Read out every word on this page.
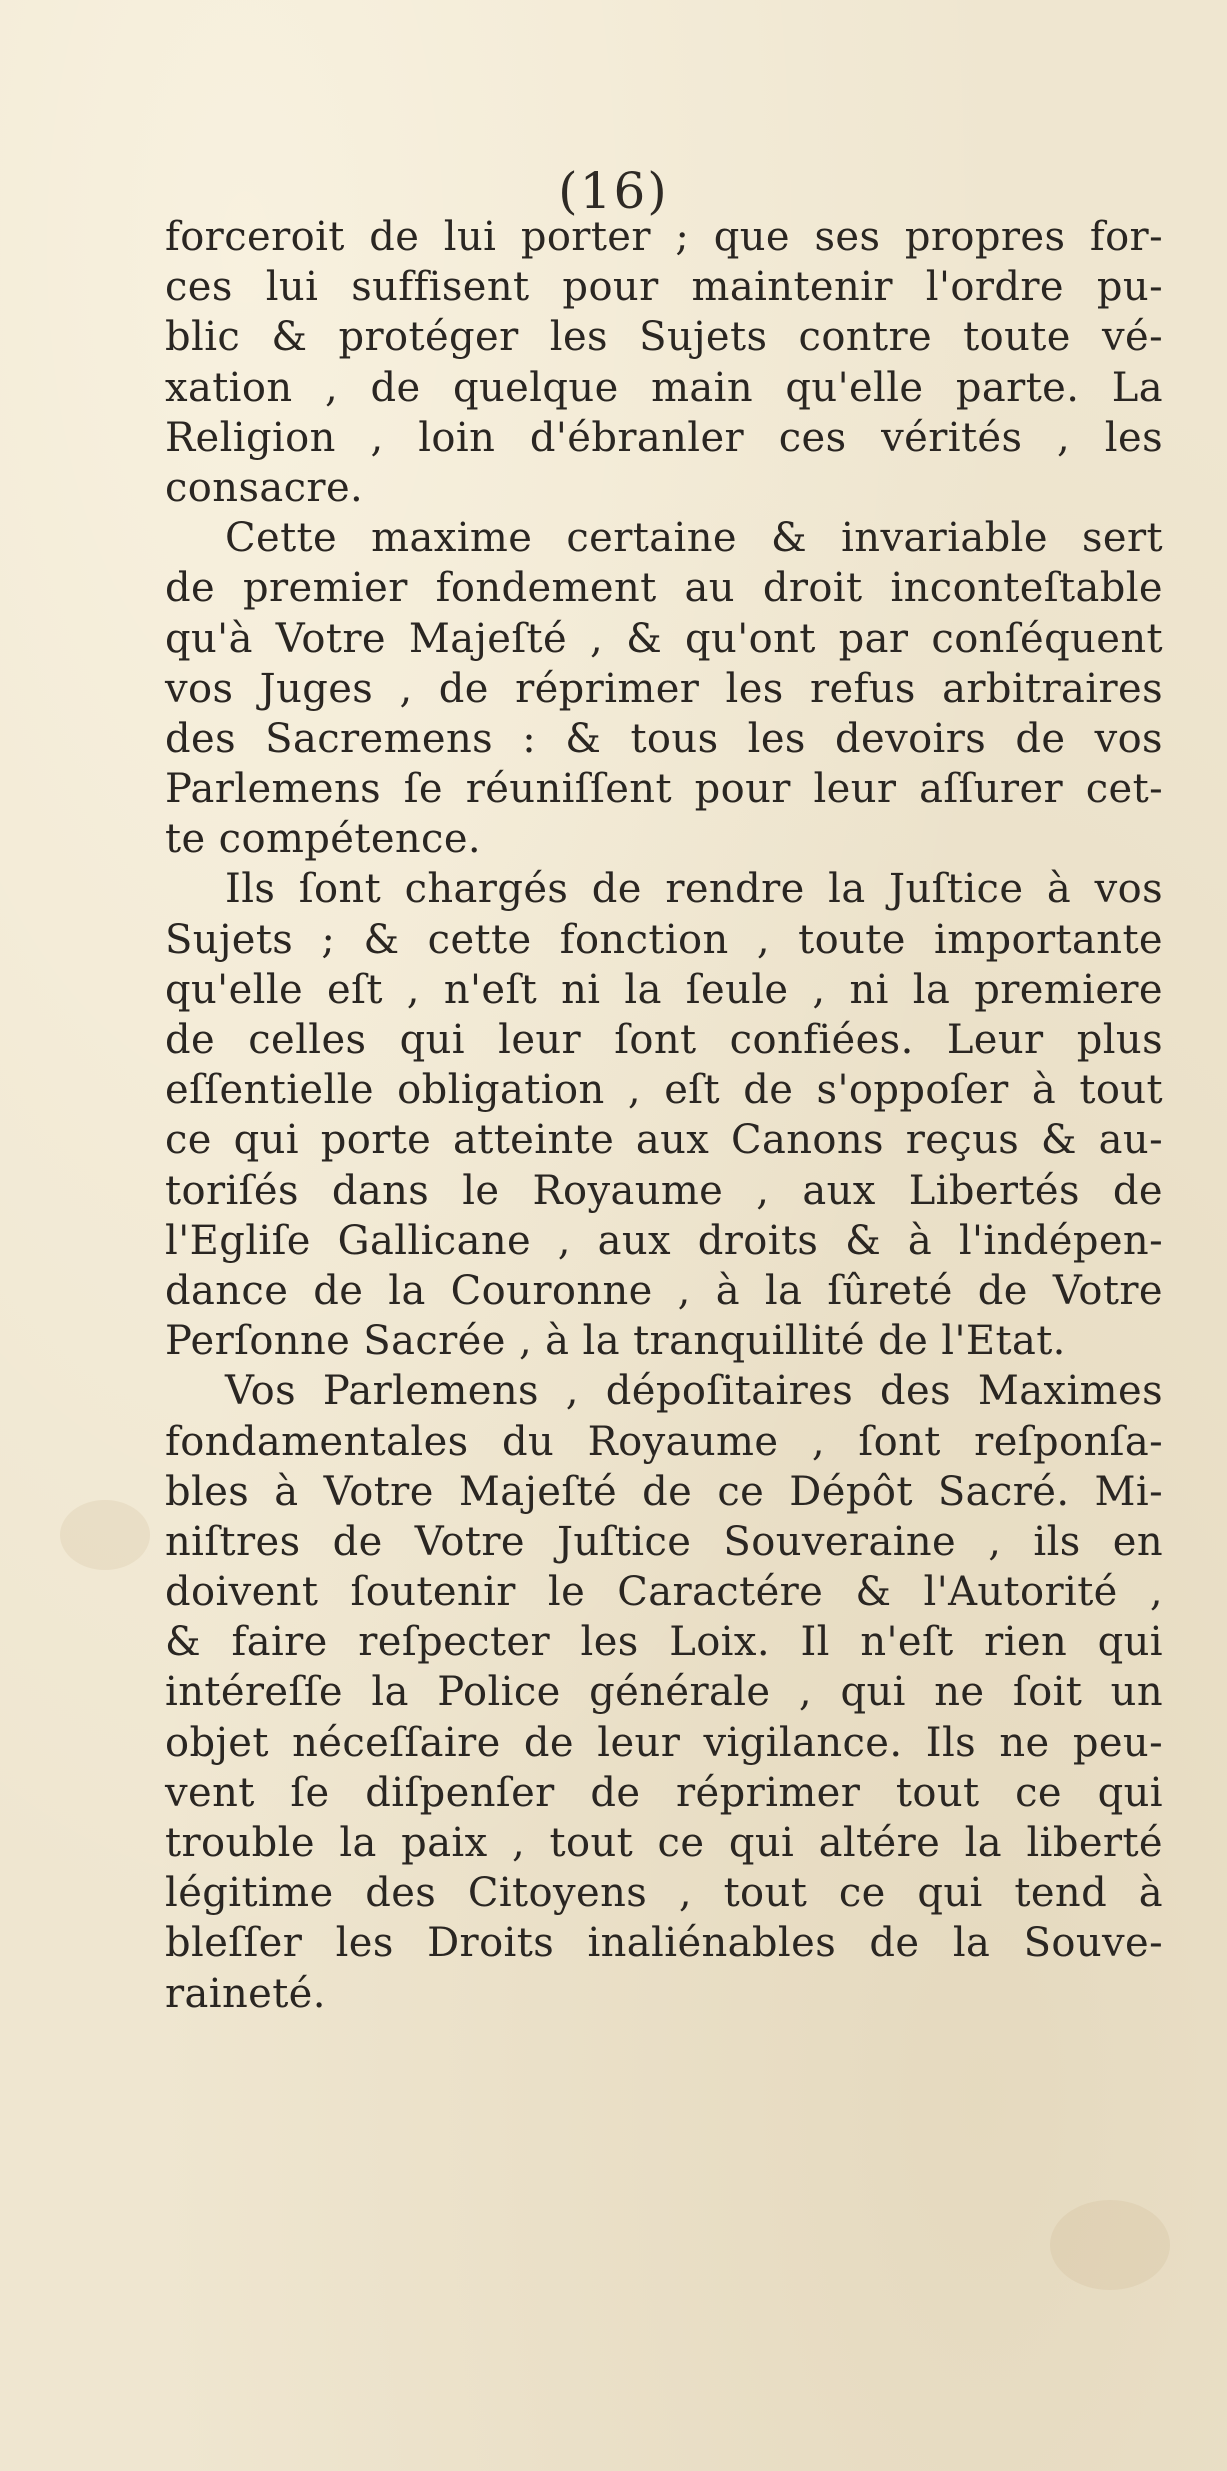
(16)
forceroit de lui porter ; que ses propres for-
ces lui suffisent pour maintenir l'ordre pu-
blic & protéger les Sujets contre toute vé-
xation , de quelque main qu'elle parte. La
Religion , loin d'ébranler ces vérités , les
consacre.
Cette maxime certaine & invariable sert
de premier fondement au droit inconteſtable
qu'à Votre Majeſté , & qu'ont par conſéquent
vos Juges , de réprimer les refus arbitraires
des Sacremens : & tous les devoirs de vos
Parlemens ſe réuniſſent pour leur aſſurer cet-
te compétence.
Ils ſont chargés de rendre la Juſtice à vos
Sujets ; & cette fonction , toute importante
qu'elle eſt , n'eſt ni la ſeule , ni la premiere
de celles qui leur ſont confiées. Leur plus
eſſentielle obligation , eſt de s'oppoſer à tout
ce qui porte atteinte aux Canons reçus & au-
toriſés dans le Royaume , aux Libertés de
l'Egliſe Gallicane , aux droits & à l'indépen-
dance de la Couronne , à la ſûreté de Votre
Perſonne Sacrée , à la tranquillité de l'Etat.
Vos Parlemens , dépoſitaires des Maximes
fondamentales du Royaume , ſont reſponſa-
bles à Votre Majeſté de ce Dépôt Sacré. Mi-
niſtres de Votre Juſtice Souveraine , ils en
doivent ſoutenir le Caractére & l'Autorité ,
& faire reſpecter les Loix. Il n'eſt rien qui
intéreſſe la Police générale , qui ne ſoit un
objet néceſſaire de leur vigilance. Ils ne peu-
vent ſe diſpenſer de réprimer tout ce qui
trouble la paix , tout ce qui altére la liberté
légitime des Citoyens , tout ce qui tend à
bleſſer les Droits inaliénables de la Souve-
raineté.
